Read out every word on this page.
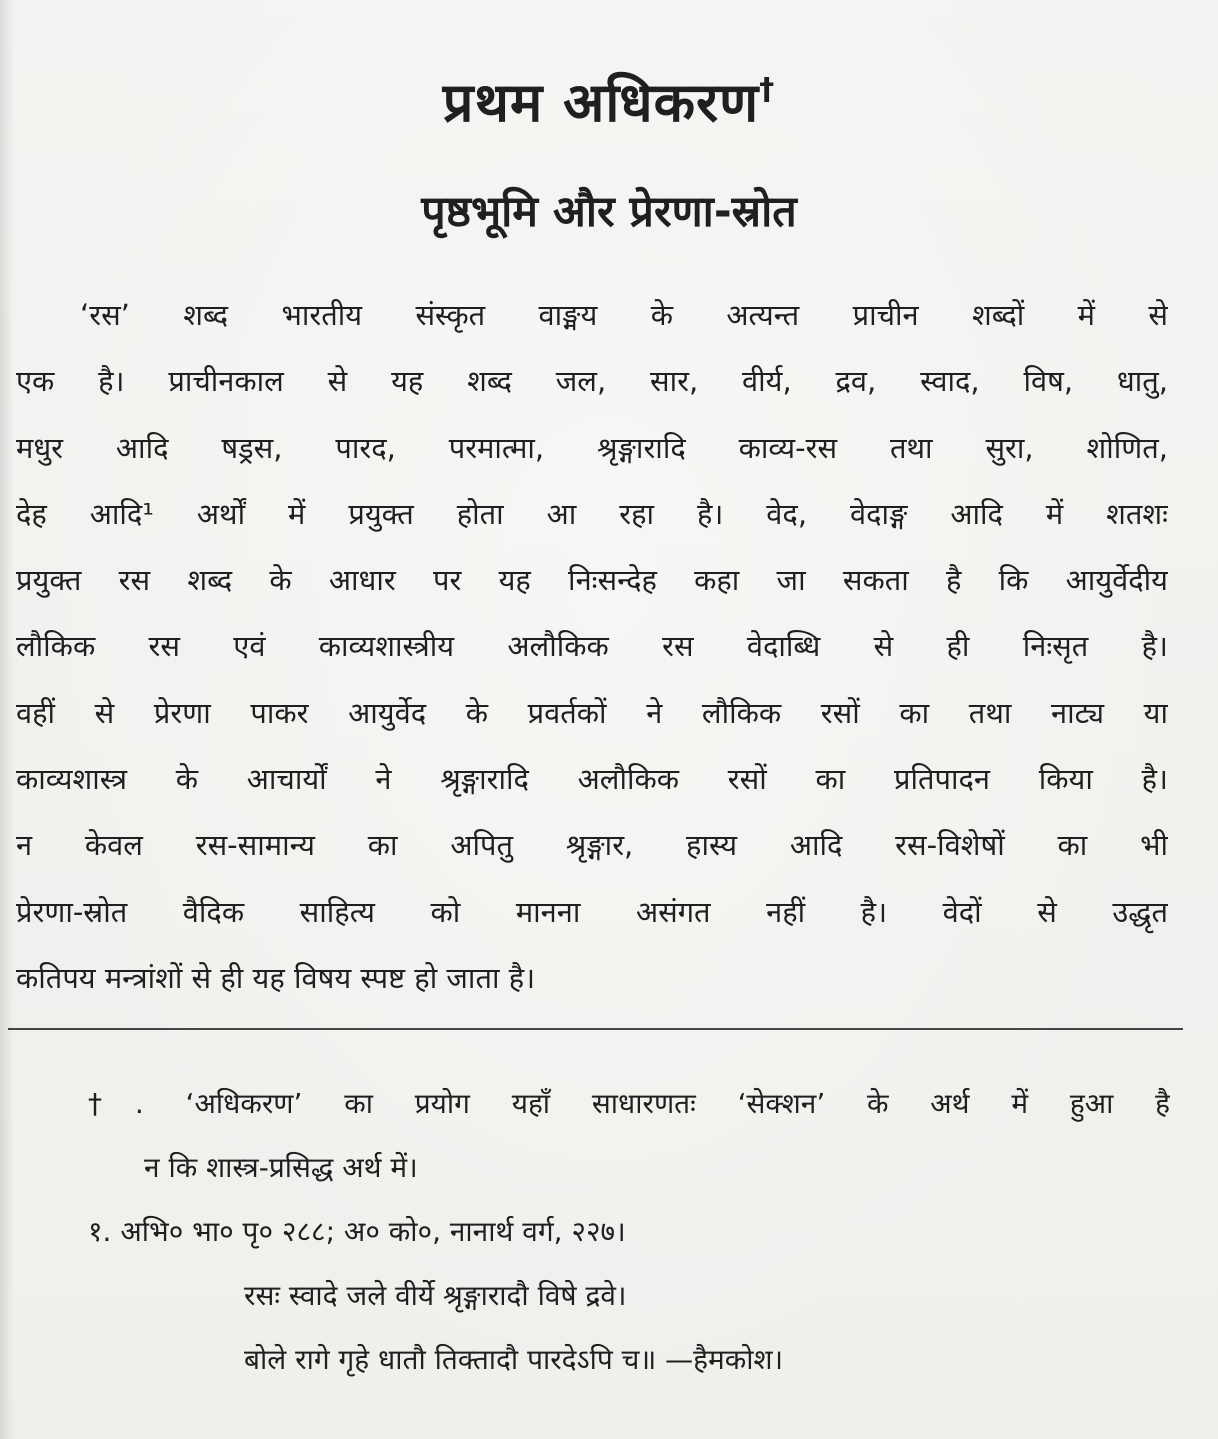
प्रथम अधिकरण†
पृष्ठभूमि और प्रेरणा-स्रोत
‘रस’ शब्द भारतीय संस्कृत वाङ्मय के अत्यन्त प्राचीन शब्दों में से
एक है। प्राचीनकाल से यह शब्द जल, सार, वीर्य, द्रव, स्वाद, विष, धातु,
मधुर आदि षड्रस, पारद, परमात्मा, श्रृङ्गारादि काव्य-रस तथा सुरा, शोणित,
देह आदि¹ अर्थों में प्रयुक्त होता आ रहा है। वेद, वेदाङ्ग आदि में शतशः
प्रयुक्त रस शब्द के आधार पर यह निःसन्देह कहा जा सकता है कि आयुर्वेदीय
लौकिक रस एवं काव्यशास्त्रीय अलौकिक रस वेदाब्धि से ही निःसृत है।
वहीं से प्रेरणा पाकर आयुर्वेद के प्रवर्तकों ने लौकिक रसों का तथा नाट्य या
काव्यशास्त्र के आचार्यों ने श्रृङ्गारादि अलौकिक रसों का प्रतिपादन किया है।
न केवल रस-सामान्य का अपितु श्रृङ्गार, हास्य आदि रस-विशेषों का भी
प्रेरणा-स्रोत वैदिक साहित्य को मानना असंगत नहीं है। वेदों से उद्धृत
कतिपय मन्त्रांशों से ही यह विषय स्पष्ट हो जाता है।
†. ‘अधिकरण’ का प्रयोग यहाँ साधारणतः ‘सेक्शन’ के अर्थ में हुआ है
न कि शास्त्र-प्रसिद्ध अर्थ में।
१. अभि० भा० पृ० २८८; अ० को०, नानार्थ वर्ग, २२७।
रसः स्वादे जले वीर्ये श्रृङ्गारादौ विषे द्रवे।
बोले रागे गृहे धातौ तिक्तादौ पारदेऽपि च॥ —हैमकोश।
